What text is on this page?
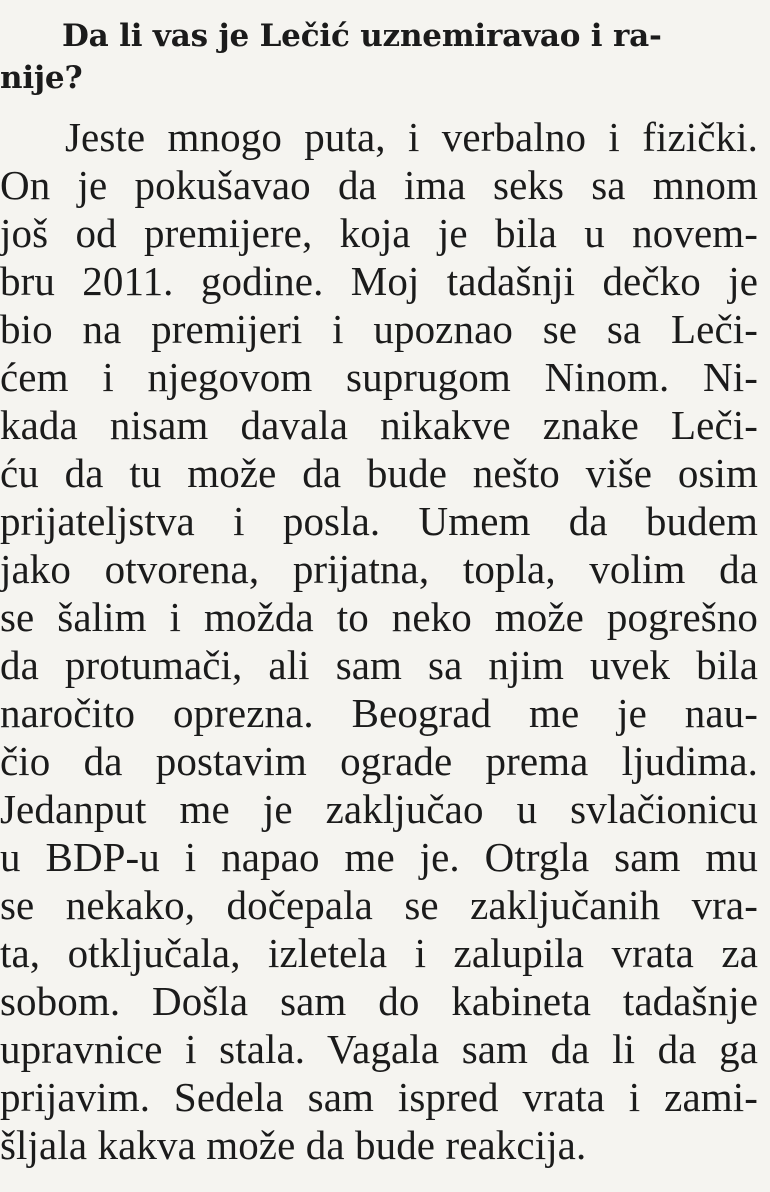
Da li vas je Lečić uznemiravao i ra-
nije?
Jeste mnogo puta, i verbalno i fizički.
On je pokušavao da ima seks sa mnom
još od premijere, koja je bila u novem-
bru 2011. godine. Moj tadašnji dečko je
bio na premijeri i upoznao se sa Leči-
ćem i njegovom suprugom Ninom. Ni-
kada nisam davala nikakve znake Leči-
ću da tu može da bude nešto više osim
prijateljstva i posla. Umem da budem
jako otvorena, prijatna, topla, volim da
se šalim i možda to neko može pogrešno
da protumači, ali sam sa njim uvek bila
naročito oprezna. Beograd me je nau-
čio da postavim ograde prema ljudima.
Jedanput me je zaključao u svlačionicu
u BDP-u i napao me je. Otrgla sam mu
se nekako, dočepala se zaključanih vra-
ta, otključala, izletela i zalupila vrata za
sobom. Došla sam do kabineta tadašnje
upravnice i stala. Vagala sam da li da ga
prijavim. Sedela sam ispred vrata i zami-
šljala kakva može da bude reakcija.
